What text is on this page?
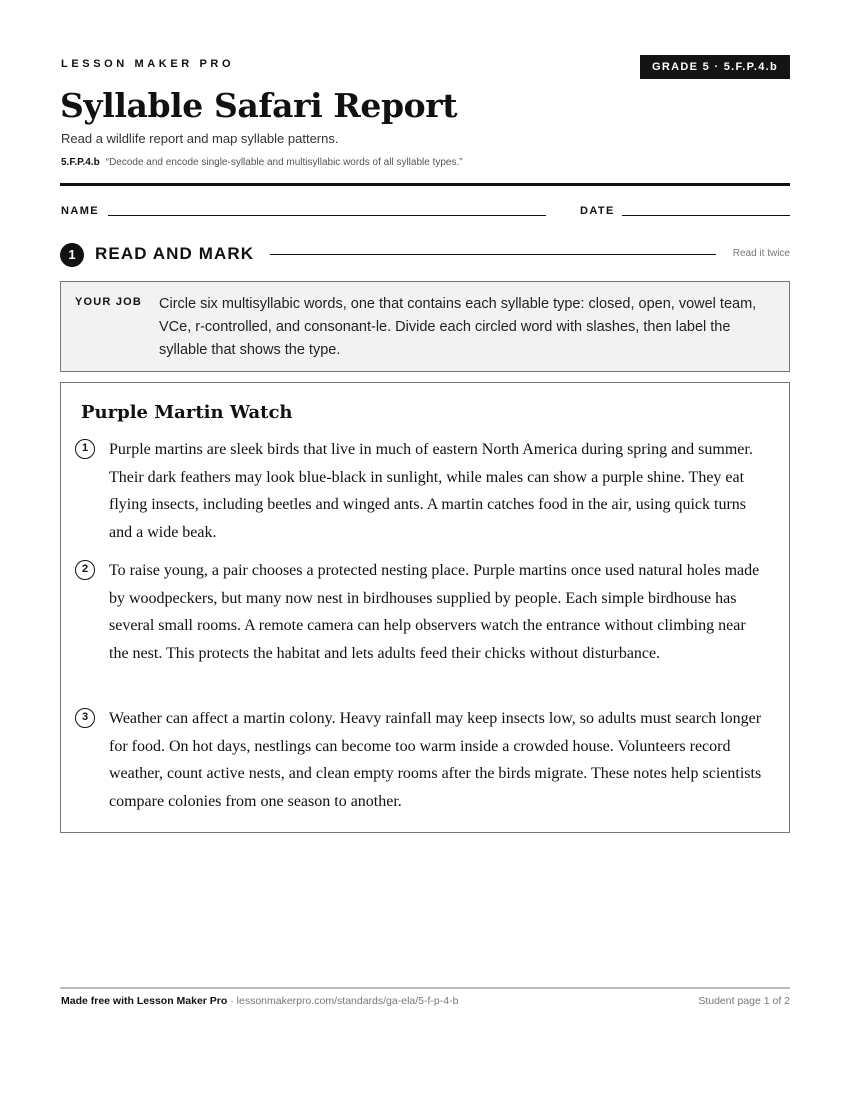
LESSON MAKER PRO	GRADE 5 · 5.F.P.4.b
Syllable Safari Report
Read a wildlife report and map syllable patterns.
5.F.P.4.b “Decode and encode single-syllable and multisyllabic words of all syllable types.”
NAME	DATE
1	READ AND MARK	Read it twice
YOUR JOB Circle six multisyllabic words, one that contains each syllable type: closed, open, vowel team, VCe, r-controlled, and consonant-le. Divide each circled word with slashes, then label the syllable that shows the type.
Purple Martin Watch
1	Purple martins are sleek birds that live in much of eastern North America during spring and summer. Their dark feathers may look blue-black in sunlight, while males can show a purple shine. They eat flying insects, including beetles and winged ants. A martin catches food in the air, using quick turns and a wide beak.
2	To raise young, a pair chooses a protected nesting place. Purple martins once used natural holes made by woodpeckers, but many now nest in birdhouses supplied by people. Each simple birdhouse has several small rooms. A remote camera can help observers watch the entrance without climbing near the nest. This protects the habitat and lets adults feed their chicks without disturbance.
3	Weather can affect a martin colony. Heavy rainfall may keep insects low, so adults must search longer for food. On hot days, nestlings can become too warm inside a crowded house. Volunteers record weather, count active nests, and clean empty rooms after the birds migrate. These notes help scientists compare colonies from one season to another.
Made free with Lesson Maker Pro · lessonmakerpro.com/standards/ga-ela/5-f-p-4-b	Student page 1 of 2
